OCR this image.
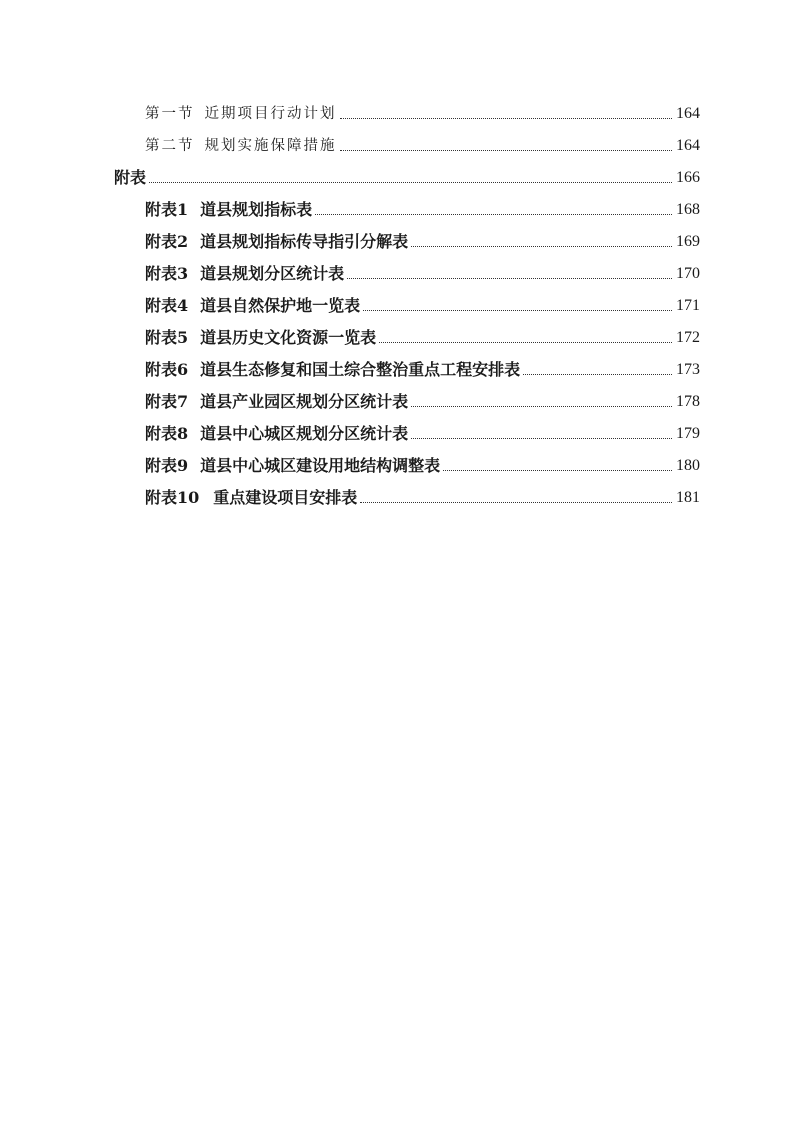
第一节 近期项目行动计划	164
第二节 规划实施保障措施	164
附表	166
附表1 道县规划指标表	168
附表2 道县规划指标传导指引分解表	169
附表3 道县规划分区统计表	170
附表4 道县自然保护地一览表	171
附表5 道县历史文化资源一览表	172
附表6 道县生态修复和国土综合整治重点工程安排表	173
附表7 道县产业园区规划分区统计表	178
附表8 道县中心城区规划分区统计表	179
附表9 道县中心城区建设用地结构调整表	180
附表10 重点建设项目安排表	181
